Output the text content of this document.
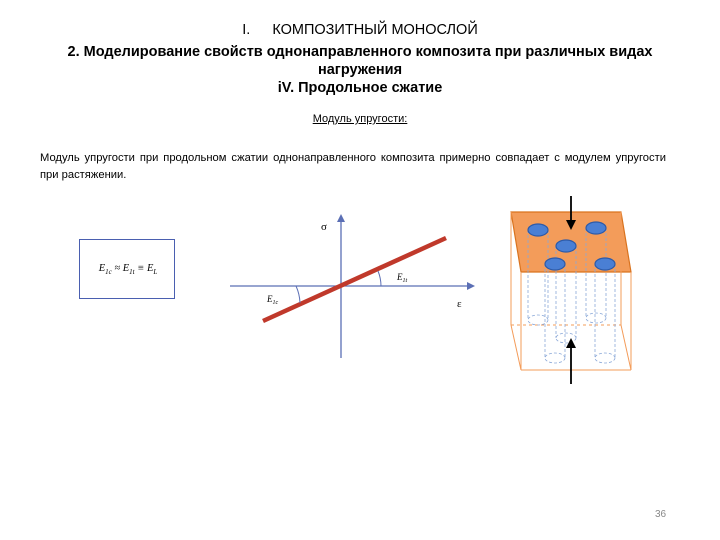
I. КОМПОЗИТНЫЙ МОНОСЛОЙ
2. Моделирование свойств однонаправленного композита при различных видах
нагружения
iV. Продольное сжатие
Модуль упругости:
Модуль упругости при продольном сжатии однонаправленного композита примерно совпадает с модулем упругости при растяжении.
$E_{1c} \approx E_{1t} \equiv E_L$
σ
ε
$E_{1t}$
$E_{1c}$
36
